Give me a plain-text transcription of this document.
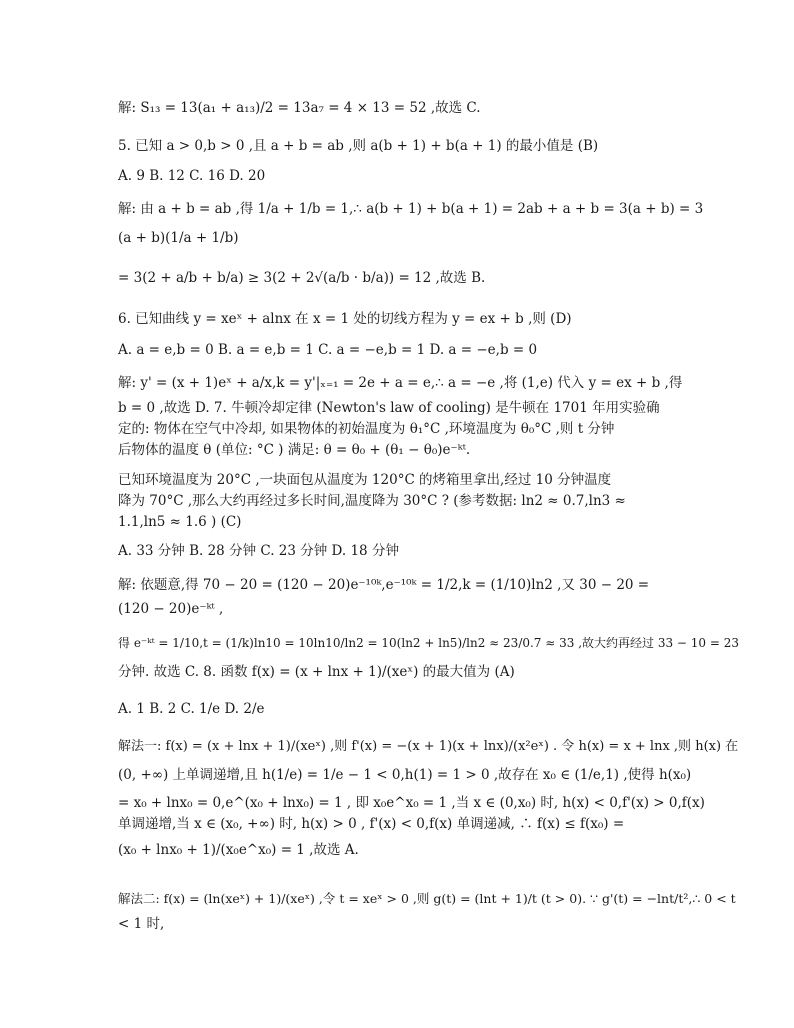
解: S₁₃ = 13(a₁ + a₁₃)/2 = 13a₇ = 4 × 13 = 52 ,故选 C.
5. 已知 a > 0,b > 0 ,且 a + b = ab ,则 a(b + 1) + b(a + 1) 的最小值是 (B)
A. 9 B. 12 C. 16 D. 20
解: 由 a + b = ab ,得 1/a + 1/b = 1,∴ a(b + 1) + b(a + 1) = 2ab + a + b = 3(a + b) = 3
(a + b)(1/a + 1/b)
= 3(2 + a/b + b/a) ≥ 3(2 + 2√(a/b · b/a)) = 12 ,故选 B.
6. 已知曲线 y = xeˣ + alnx 在 x = 1 处的切线方程为 y = ex + b ,则 (D)
A. a = e,b = 0 B. a = e,b = 1 C. a = −e,b = 1 D. a = −e,b = 0
解: y' = (x + 1)eˣ + a/x,k = y'|ₓ₌₁ = 2e + a = e,∴ a = −e ,将 (1,e) 代入 y = ex + b ,得
b = 0 ,故选 D. 7. 牛顿冷却定律 (Newton's law of cooling) 是牛顿在 1701 年用实验确
定的: 物体在空气中冷却, 如果物体的初始温度为 θ₁°C ,环境温度为 θ₀°C ,则 t 分钟
后物体的温度 θ (单位: °C ) 满足: θ = θ₀ + (θ₁ − θ₀)e⁻ᵏᵗ.
已知环境温度为 20°C ,一块面包从温度为 120°C 的烤箱里拿出,经过 10 分钟温度
降为 70°C ,那么大约再经过多长时间,温度降为 30°C ? (参考数据: ln2 ≈ 0.7,ln3 ≈
1.1,ln5 ≈ 1.6 ) (C)
A. 33 分钟 B. 28 分钟 C. 23 分钟 D. 18 分钟
解: 依题意,得 70 − 20 = (120 − 20)e⁻¹⁰ᵏ,e⁻¹⁰ᵏ = 1/2,k = (1/10)ln2 ,又 30 − 20 =
(120 − 20)e⁻ᵏᵗ ,
得 e⁻ᵏᵗ = 1/10,t = (1/k)ln10 = 10ln10/ln2 = 10(ln2 + ln5)/ln2 ≈ 23/0.7 ≈ 33 ,故大约再经过 33 − 10 = 23
分钟. 故选 C. 8. 函数 f(x) = (x + lnx + 1)/(xeˣ) 的最大值为 (A)
A. 1 B. 2 C. 1/e D. 2/e
解法一: f(x) = (x + lnx + 1)/(xeˣ) ,则 f'(x) = −(x + 1)(x + lnx)/(x²eˣ) . 令 h(x) = x + lnx ,则 h(x) 在
(0, +∞) 上单调递增,且 h(1/e) = 1/e − 1 < 0,h(1) = 1 > 0 ,故存在 x₀ ∈ (1/e,1) ,使得 h(x₀)
= x₀ + lnx₀ = 0,e^(x₀ + lnx₀) = 1 , 即 x₀e^x₀ = 1 ,当 x ∈ (0,x₀) 时, h(x) < 0,f'(x) > 0,f(x)
单调递增,当 x ∈ (x₀, +∞) 时, h(x) > 0 , f'(x) < 0,f(x) 单调递减, ∴ f(x) ≤ f(x₀) =
(x₀ + lnx₀ + 1)/(x₀e^x₀) = 1 ,故选 A.
解法二: f(x) = (ln(xeˣ) + 1)/(xeˣ) ,令 t = xeˣ > 0 ,则 g(t) = (lnt + 1)/t (t > 0). ∵ g'(t) = −lnt/t²,∴ 0 < t
< 1 时,
